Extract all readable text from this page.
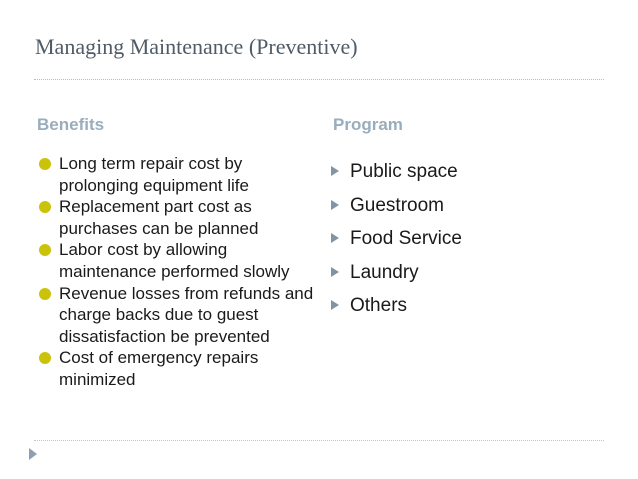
Managing Maintenance (Preventive)
Benefits	Program
Long term repair cost by prolonging equipment life
Replacement part cost as purchases can be planned
Labor cost by allowing maintenance performed slowly
Revenue losses from refunds and charge backs due to guest dissatisfaction be prevented
Cost of emergency repairs minimized
Public space
Guestroom
Food Service
Laundry
Others
